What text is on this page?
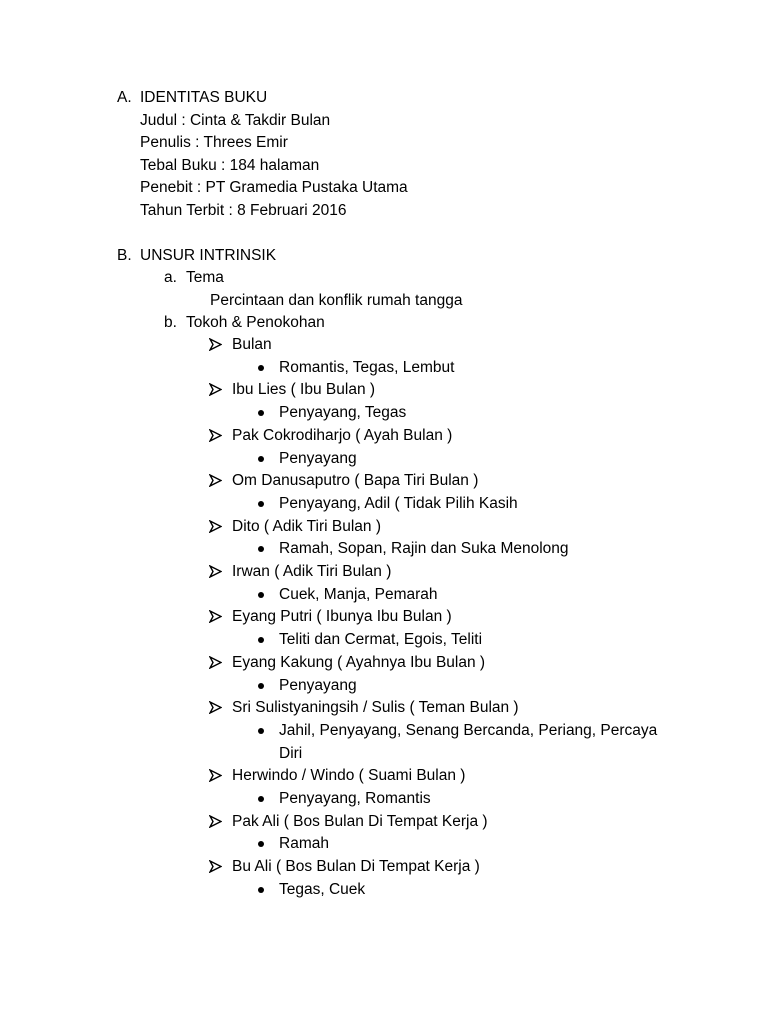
A. IDENTITAS BUKU
Judul : Cinta & Takdir Bulan
Penulis : Threes Emir
Tebal Buku : 184 halaman
Penebit : PT Gramedia Pustaka Utama
Tahun Terbit : 8 Februari 2016
B. UNSUR INTRINSIK
a. Tema
Percintaan dan konflik rumah tangga
b. Tokoh & Penokohan
Bulan
Romantis, Tegas, Lembut
Ibu Lies ( Ibu Bulan )
Penyayang, Tegas
Pak Cokrodiharjo ( Ayah Bulan )
Penyayang
Om Danusaputro ( Bapa Tiri Bulan )
Penyayang, Adil ( Tidak Pilih Kasih
Dito ( Adik Tiri Bulan )
Ramah, Sopan, Rajin dan Suka Menolong
Irwan ( Adik Tiri Bulan )
Cuek, Manja, Pemarah
Eyang Putri ( Ibunya Ibu Bulan )
Teliti dan Cermat, Egois, Teliti
Eyang Kakung ( Ayahnya Ibu Bulan )
Penyayang
Sri Sulistyaningsih / Sulis ( Teman Bulan )
Jahil, Penyayang, Senang Bercanda, Periang, Percaya
Diri
Herwindo / Windo ( Suami Bulan )
Penyayang, Romantis
Pak Ali ( Bos Bulan Di Tempat Kerja )
Ramah
Bu Ali ( Bos Bulan Di Tempat Kerja )
Tegas, Cuek
